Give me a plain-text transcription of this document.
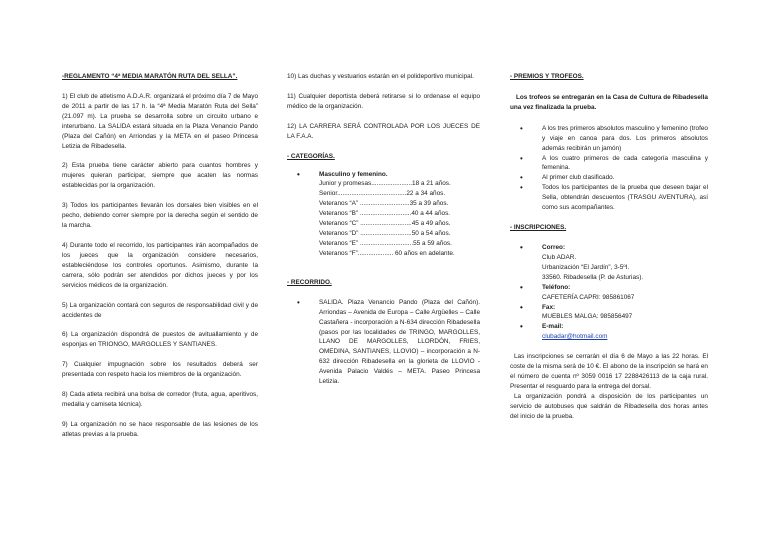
-REGLAMENTO “4ª MEDIA MARATÓN RUTA DEL SELLA”.

1) El club de atletismo A.D.A.R. organizará el próximo día 7 de Mayo de 2011 a partir de las 17 h. la “4ª Media Maratón Ruta del Sella” (21.097 m). La prueba se desarrolla sobre un circuito urbano e interurbano. La SALIDA estará situada en la Plaza Venancio Pando (Plaza del Cañón) en Arriondas y la META en el paseo Princesa Letizia de Ribadesella.

2) Esta prueba tiene carácter abierto para cuantos hombres y mujeres quieran participar, siempre que acaten las normas establecidas por la organización.

3) Todos los participantes llevarán los dorsales bien visibles en el pecho, debiendo correr siempre por la derecha según el sentido de la marcha.

4) Durante todo el recorrido, los participantes irán acompañados de los jueces que la organización considere necesarios, estableciéndose los controles oportunos. Asimismo, durante la carrera, sólo podrán ser atendidos por dichos jueces y por los servicios médicos de la organización.

5) La organización contará con seguros de responsabilidad civil y de accidentes de

6) La organización dispondrá de puestos de avituallamiento y de esponjas en TRIONGO, MARGOLLES Y SANTIANES.

7) Cualquier impugnación sobre los resultados deberá ser presentada con respeto hacia los miembros de la organización.

8) Cada atleta recibirá una bolsa de corredor (fruta, agua, aperitivos, medalla y camiseta técnica).

9) La organización no se hace responsable de las lesiones de los atletas previas a la prueba.

10) Las duchas y vestuarios estarán en el polideportivo municipal.

11) Cualquier deportista deberá retirarse si lo ordenase el equipo médico de la organización.

12) LA CARRERA SERÁ CONTROLADA POR LOS JUECES DE LA F.A.A.

- CATEGORÍAS.

• Masculino y femenino.

Junior y promesas.......................18 a 21 años.

Senior.......................................22 a 34 años.

Veteranos “A” ............................35 a 39 años.

Veteranos “B” .............................40 a 44 años.

Veteranos “C” .............................45 a 49 años.

Veteranos “D” .............................50 a 54 años.

Veteranos “E” ..............................55 a 59 años.

Veteranos “F”.................... 60 años en adelante.

- RECORRIDO.

• SALIDA. Plaza Venancio Pando (Plaza del Cañón). Arriondas – Avenida de Europa – Calle Argüelles – Calle Castañera - incorporación a N-634 dirección Ribadesella (pasos por las localidades de TRINGO, MARGOLLES, LLANO DE MARGOLLES, LLORDÓN, FRIES, OMEDINA, SANTIANES, LLOVIO) – incorporación a N-632 dirección Ribadesella en la glorieta de LLOVIO - Avenida Palacio Valdés – META. Paseo Princesa Letizia.

- PREMIOS Y TROFEOS.

Los trofeos se entregarán en la Casa de Cultura de Ribadesella una vez finalizada la prueba.

• A los tres primeros absolutos masculino y femenino (trofeo y viaje en canoa para dos. Los primeros absolutos además recibirán un jamón)
• A los cuatro primeros de cada categoría masculina y femenina.
• Al primer club clasificado.
• Todos los participantes de la prueba que deseen bajar el Sella, obtendrán descuentos (TRASGU AVENTURA), así como sus acompañantes.

- INSCRIPCIONES.

• Correo:

Club ADAR.

Urbanización “El Jardín”, 3-5ºI.

33560. Ribadesella (P. de Asturias).

• Teléfono:

CAFETERÍA CAPRI: 985861067

• Fax:

MUEBLES MALGA: 985856497

• E-mail:

clubadar@hotmail.com

Las inscripciones se cerrarán el día 6 de Mayo a las 22 horas. El coste de la misma será de 10 €. El abono de la inscripción se hará en el número de cuenta nº 3059 0016 17 2288426113 de la caja rural. Presentar el resguardo para la entrega del dorsal.

La organización pondrá a disposición de los participantes un servicio de autobuses que saldrán de Ribadesella dos horas antes del inicio de la prueba.
